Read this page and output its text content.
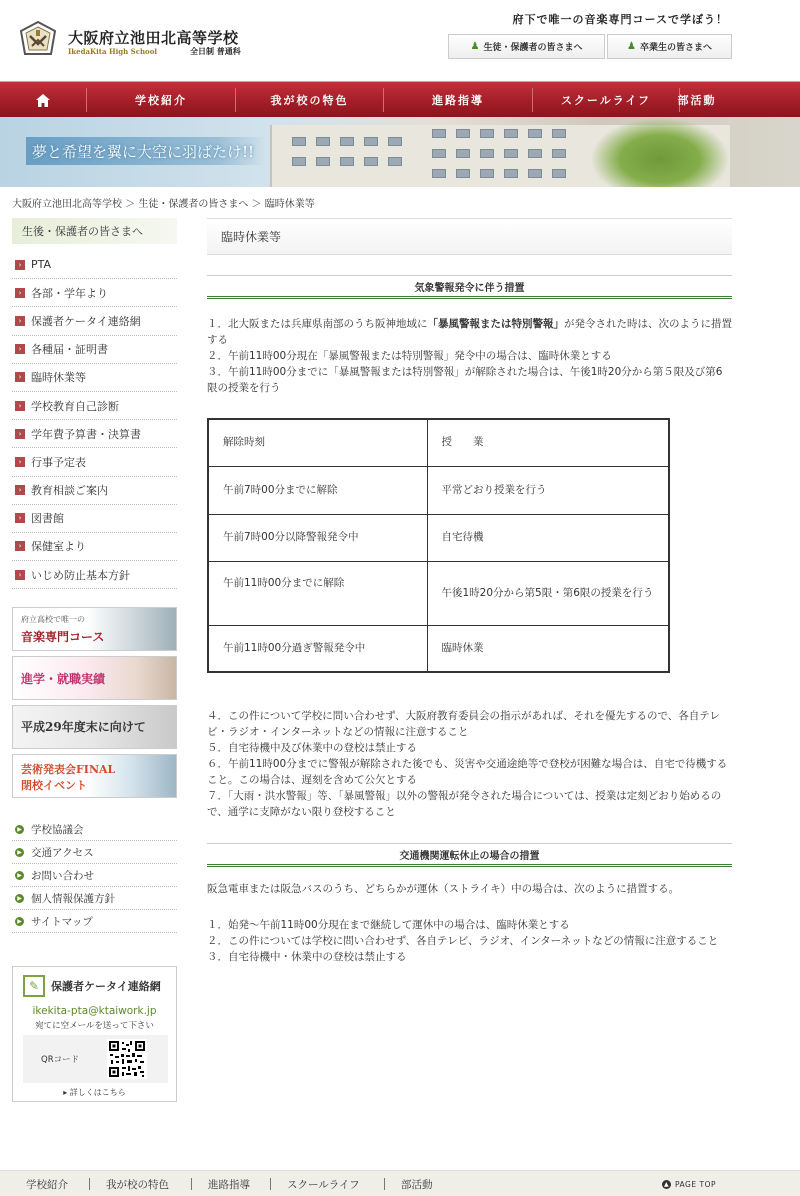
大阪府立池田北高等学校
IkedaKita High School	全日制 普通科
府下で唯一の音楽専門コースで学ぼう！
♟ 生徒・保護者の皆さまへ	♟ 卒業生の皆さまへ
学校紹介	我が校の特色	進路指導	スクールライフ	部活動
夢と希望を翼に大空に羽ばたけ!!
大阪府立池田北高等学校 ＞ 生徒・保護者の皆さまへ ＞ 臨時休業等
生後・保護者の皆さまへ
› PTA
› 各部・学年より
› 保護者ケータイ連絡網
› 各種届・証明書
› 臨時休業等
› 学校教育自己診断
› 学年費予算書・決算書
› 行事予定表
› 教育相談ご案内
› 図書館
› 保健室より
› いじめ防止基本方針
府立高校で唯一の
音楽専門コース
進学・就職実績
平成29年度末に向けて
芸術発表会FINAL
閉校イベント
▶ 学校協議会
▶ 交通アクセス
▶ お問い合わせ
▶ 個人情報保護方針
▶ サイトマップ
✎	保護者ケータイ連絡網
ikekita-pta@ktaiwork.jp
宛てに空メールを送って下さい
QRコード
▸ 詳しくはこちら
臨時休業等
気象警報発令に伴う措置

１．北大阪または兵庫県南部のうち阪神地域に「暴風警報または特別警報」が発令された時は、次のように措置する

２．午前11時00分現在「暴風警報または特別警報」発令中の場合は、臨時休業とする

３．午前11時00分までに「暴風警報または特別警報」が解除された場合は、午後1時20分から第５限及び第6限の授業を行う

解除時刻	授　　業
午前7時00分までに解除	平常どおり授業を行う
午前7時00分以降警報発令中	自宅待機
午前11時00分までに解除	午後1時20分から第5限・第6限の授業を行う
午前11時00分過ぎ警報発令中	臨時休業

４．この件について学校に問い合わせず、大阪府教育委員会の指示があれば、それを優先するので、各自テレビ・ラジオ・インターネットなどの情報に注意すること

５．自宅待機中及び休業中の登校は禁止する

６．午前11時00分までに警報が解除された後でも、災害や交通途絶等で登校が困難な場合は、自宅で待機すること。この場合は、遅刻を含めて公欠とする

７．「大雨・洪水警報」等、「暴風警報」以外の警報が発令された場合については、授業は定刻どおり始めるので、通学に支障がない限り登校すること

交通機関運転休止の場合の措置
阪急電車または阪急バスのうち、どちらかが運休（ストライキ）中の場合は、次のように措置する。

１．始発～午前11時00分現在まで継続して運休中の場合は、臨時休業とする

２．この件については学校に問い合わせず、各自テレビ、ラジオ、インターネットなどの情報に注意すること

３．自宅待機中・休業中の登校は禁止する

学校紹介	我が校の特色	進路指導	スクールライフ	部活動	▲ PAGE TOP
